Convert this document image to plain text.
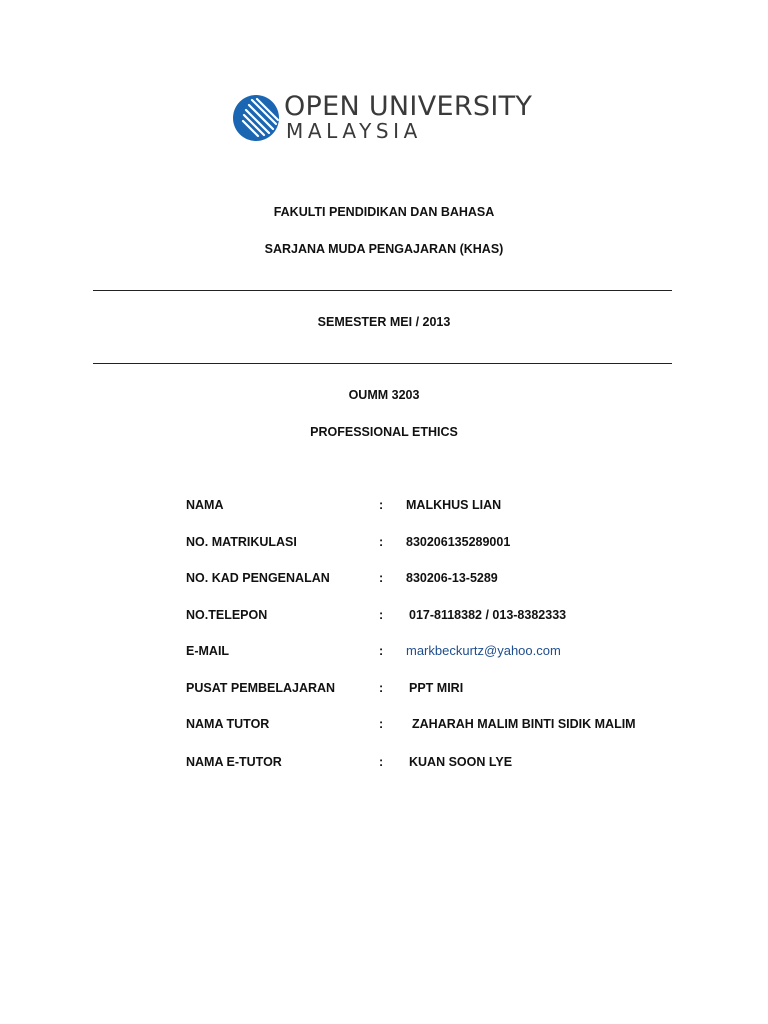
OPEN UNIVERSITY
MALAYSIA
FAKULTI PENDIDIKAN DAN BAHASA
SARJANA MUDA PENGAJARAN (KHAS)
SEMESTER MEI / 2013
OUMM 3203
PROFESSIONAL ETHICS
NAMA	: MALKHUS LIAN
NO. MATRIKULASI	: 830206135289001
NO. KAD PENGENALAN	: 830206-13-5289
NO.TELEPON	: 017-8118382 / 013-8382333
E-MAIL	: markbeckurtz@yahoo.com
PUSAT PEMBELAJARAN	: PPT MIRI
NAMA TUTOR	: ZAHARAH MALIM BINTI SIDIK MALIM
NAMA E-TUTOR	: KUAN SOON LYE
